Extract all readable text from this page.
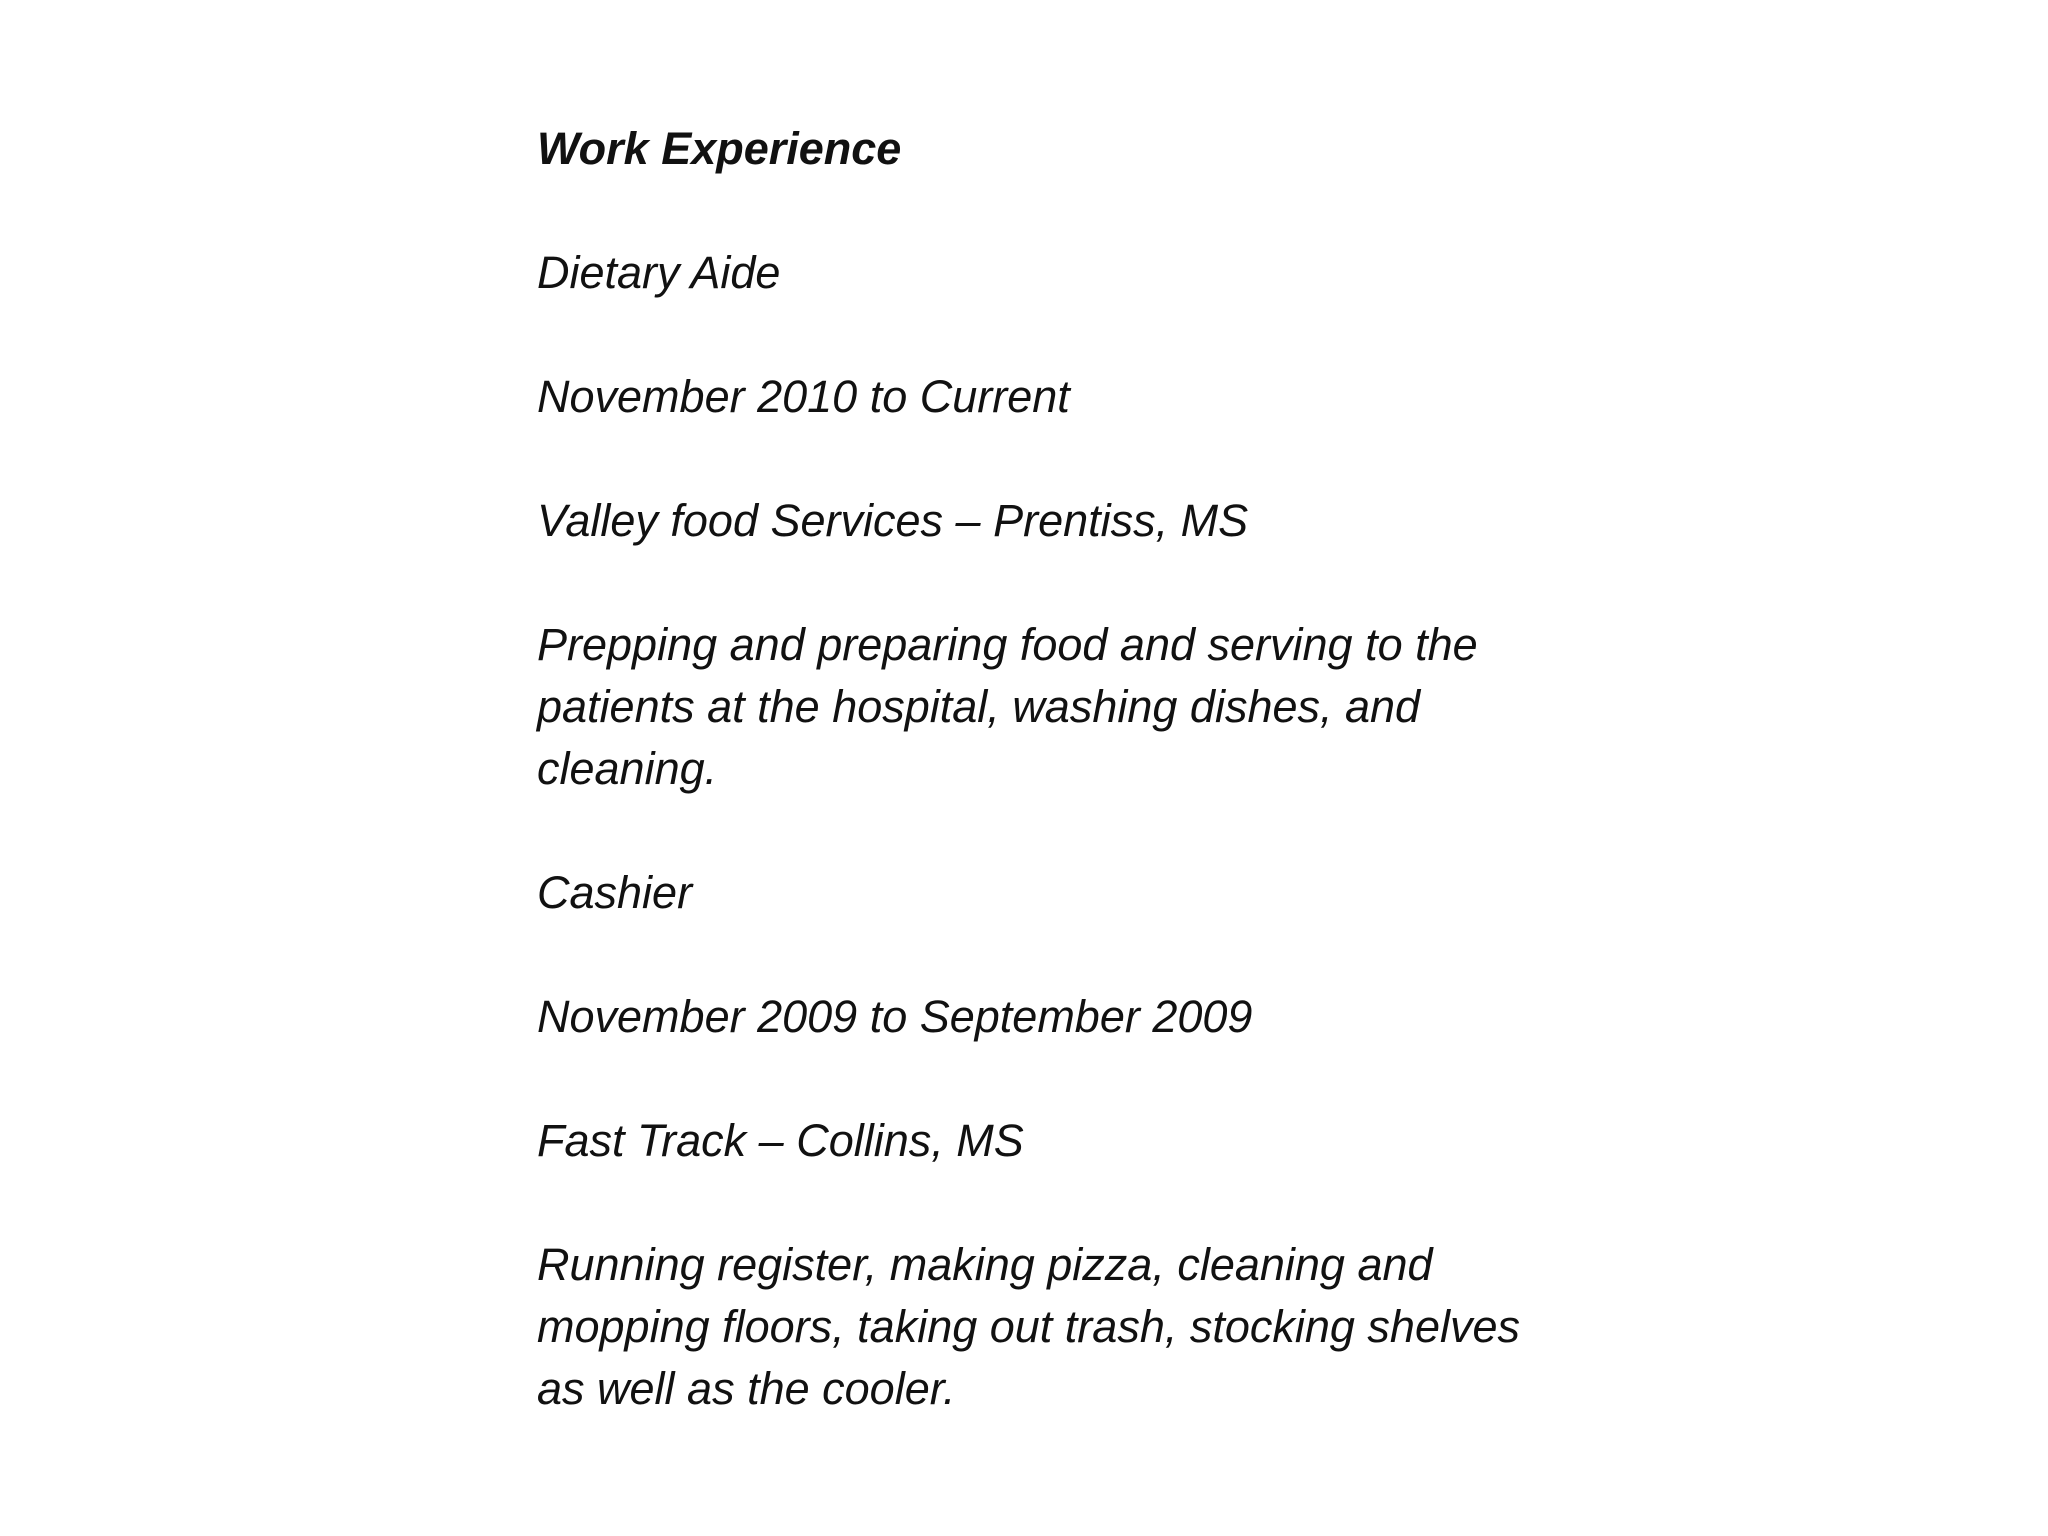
Work Experience
Dietary Aide
November 2010 to Current
Valley food Services – Prentiss, MS
Prepping and preparing food and serving to the patients at the hospital, washing dishes, and cleaning.
Cashier
November 2009 to September 2009
Fast Track – Collins, MS
Running register, making pizza, cleaning and mopping floors, taking out trash, stocking shelves as well as the cooler.
